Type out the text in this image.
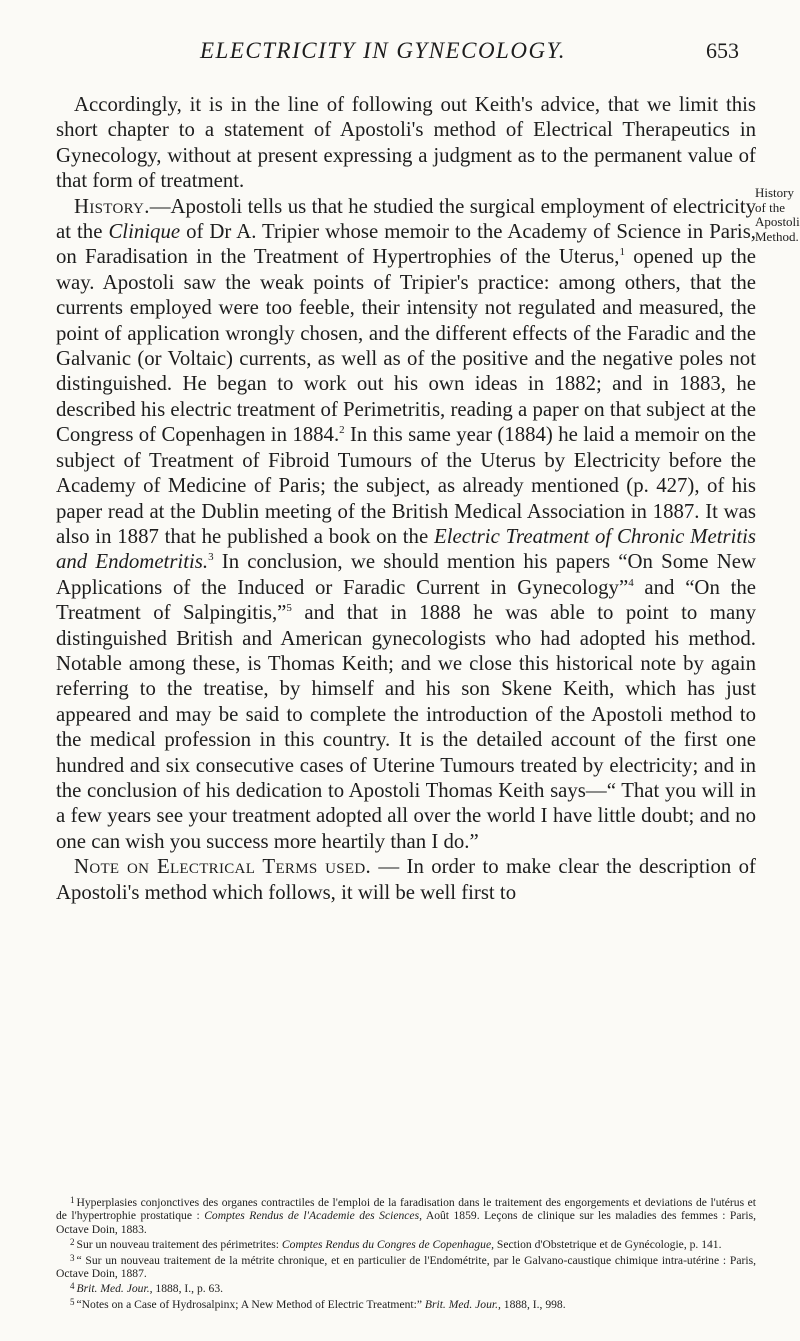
ELECTRICITY IN GYNECOLOGY.	653
History
of the
Apostoli
Method.

Accordingly, it is in the line of following out Keith's advice, that we limit this short chapter to a statement of Apostoli's method of Electrical Therapeutics in Gynecology, without at present expressing a judgment as to the permanent value of that form of treatment.

History.—Apostoli tells us that he studied the surgical employment of electricity at the Clinique of Dr A. Tripier whose memoir to the Academy of Science in Paris, on Faradisation in the Treatment of Hypertrophies of the Uterus,$^1$ opened up the way. Apostoli saw the weak points of Tripier's practice: among others, that the currents employed were too feeble, their intensity not regulated and measured, the point of application wrongly chosen, and the different effects of the Faradic and the Galvanic (or Voltaic) currents, as well as of the positive and the negative poles not distinguished. He began to work out his own ideas in 1882; and in 1883, he described his electric treatment of Perimetritis, reading a paper on that subject at the Congress of Copenhagen in 1884.$^2$ In this same year (1884) he laid a memoir on the subject of Treatment of Fibroid Tumours of the Uterus by Electricity before the Academy of Medicine of Paris; the subject, as already mentioned (p. 427), of his paper read at the Dublin meeting of the British Medical Association in 1887. It was also in 1887 that he published a book on the Electric Treatment of Chronic Metritis and Endometritis.$^3$ In conclusion, we should mention his papers “On Some New Applications of the Induced or Faradic Current in Gynecology”$^4$ and “On the Treatment of Salpingitis,”$^5$ and that in 1888 he was able to point to many distinguished British and American gynecologists who had adopted his method. Notable among these, is Thomas Keith; and we close this historical note by again referring to the treatise, by himself and his son Skene Keith, which has just appeared and may be said to complete the introduction of the Apostoli method to the medical profession in this country. It is the detailed account of the first one hundred and six consecutive cases of Uterine Tumours treated by electricity; and in the conclusion of his dedication to Apostoli Thomas Keith says—“ That you will in a few years see your treatment adopted all over the world I have little doubt; and no one can wish you success more heartily than I do.”

Note on Electrical Terms used. — In order to make clear the description of Apostoli's method which follows, it will be well first to

$^1$ Hyperplasies conjonctives des organes contractiles de l'emploi de la faradisation dans le traitement des engorgements et deviations de l'utérus et de l'hypertrophie prostatique : Comptes Rendus de l'Academie des Sciences, Août 1859. Leçons de clinique sur les maladies des femmes : Paris, Octave Doin, 1883.

$^2$ Sur un nouveau traitement des périmetrites: Comptes Rendus du Congres de Copenhague, Section d'Obstetrique et de Gynécologie, p. 141.

$^3$ “ Sur un nouveau traitement de la métrite chronique, et en particulier de l'Endométrite, par le Galvano-caustique chimique intra-utérine : Paris, Octave Doin, 1887.

$^4$ Brit. Med. Jour., 1888, I., p. 63.

$^5$ “Notes on a Case of Hydrosalpinx; A New Method of Electric Treatment:” Brit. Med. Jour., 1888, I., 998.
